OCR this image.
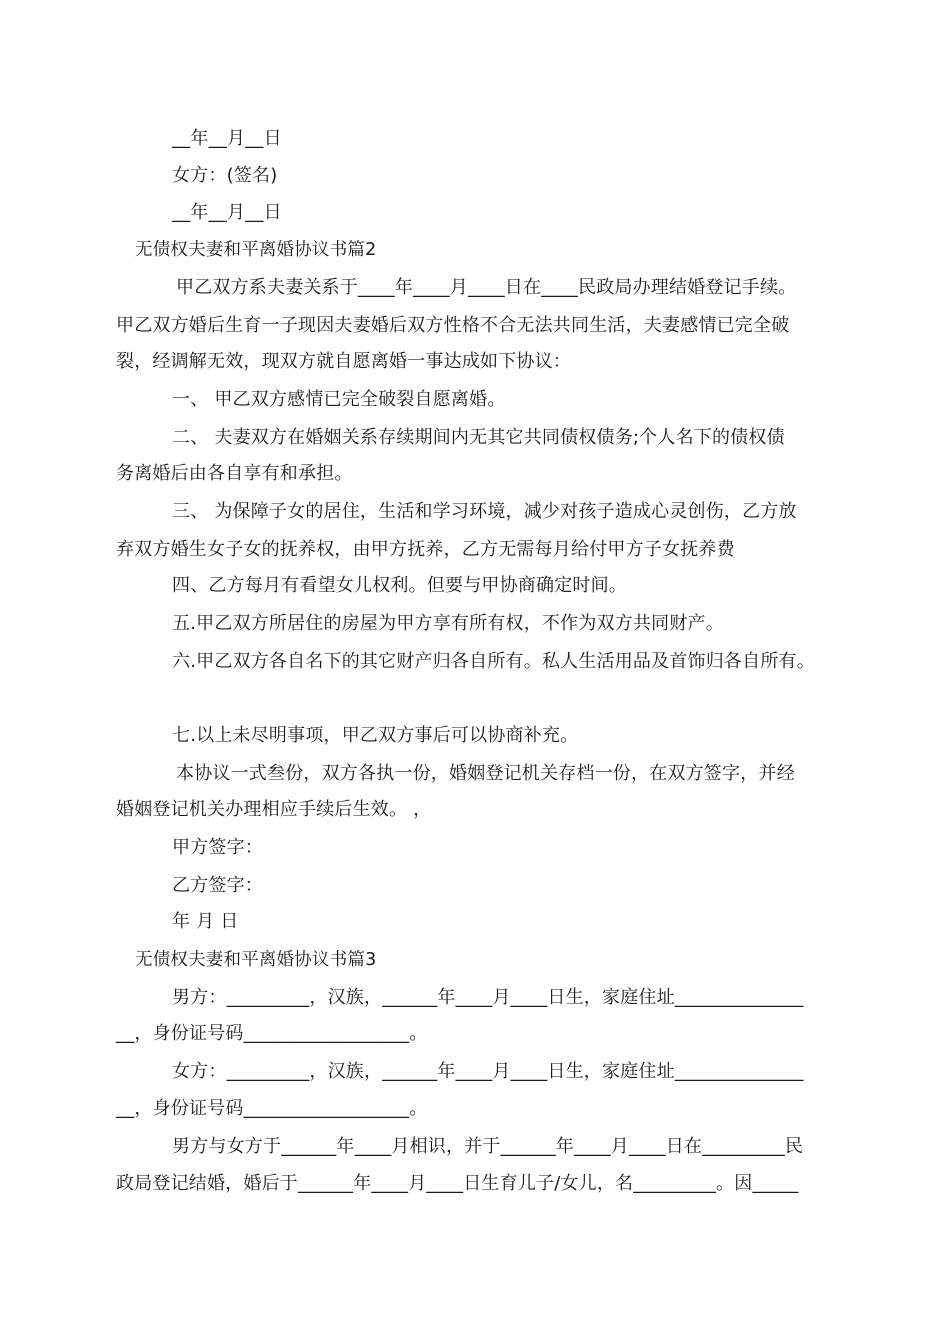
__年__月__日
女方：(签名)
__年__月__日
无债权夫妻和平离婚协议书篇2
甲乙双方系夫妻关系于____年____月____日在____民政局办理结婚登记手续。
甲乙双方婚后生育一子现因夫妻婚后双方性格不合无法共同生活，夫妻感情已完全破
裂，经调解无效，现双方就自愿离婚一事达成如下协议：
一、 甲乙双方感情已完全破裂自愿离婚。
二、 夫妻双方在婚姻关系存续期间内无其它共同债权债务;个人名下的债权债
务离婚后由各自享有和承担。
三、 为保障子女的居住，生活和学习环境，减少对孩子造成心灵创伤，乙方放
弃双方婚生女子女的抚养权，由甲方抚养，乙方无需每月给付甲方子女抚养费
四、乙方每月有看望女儿权利。但要与甲协商确定时间。
五.甲乙双方所居住的房屋为甲方享有所有权，不作为双方共同财产。
六.甲乙双方各自名下的其它财产归各自所有。私人生活用品及首饰归各自所有。
七.以上未尽明事项，甲乙双方事后可以协商补充。
本协议一式叁份，双方各执一份，婚姻登记机关存档一份，在双方签字，并经
婚姻登记机关办理相应手续后生效。 ，
甲方签字：
乙方签字：
年 月 日
无债权夫妻和平离婚协议书篇3
男方：_________，汉族，______年____月____日生，家庭住址______________
__，身份证号码__________________。
女方：_________，汉族，______年____月____日生，家庭住址______________
__，身份证号码__________________。
男方与女方于______年____月相识，并于______年____月____日在_________民
政局登记结婚，婚后于______年____月____日生育儿子/女儿，名_________。因_____
